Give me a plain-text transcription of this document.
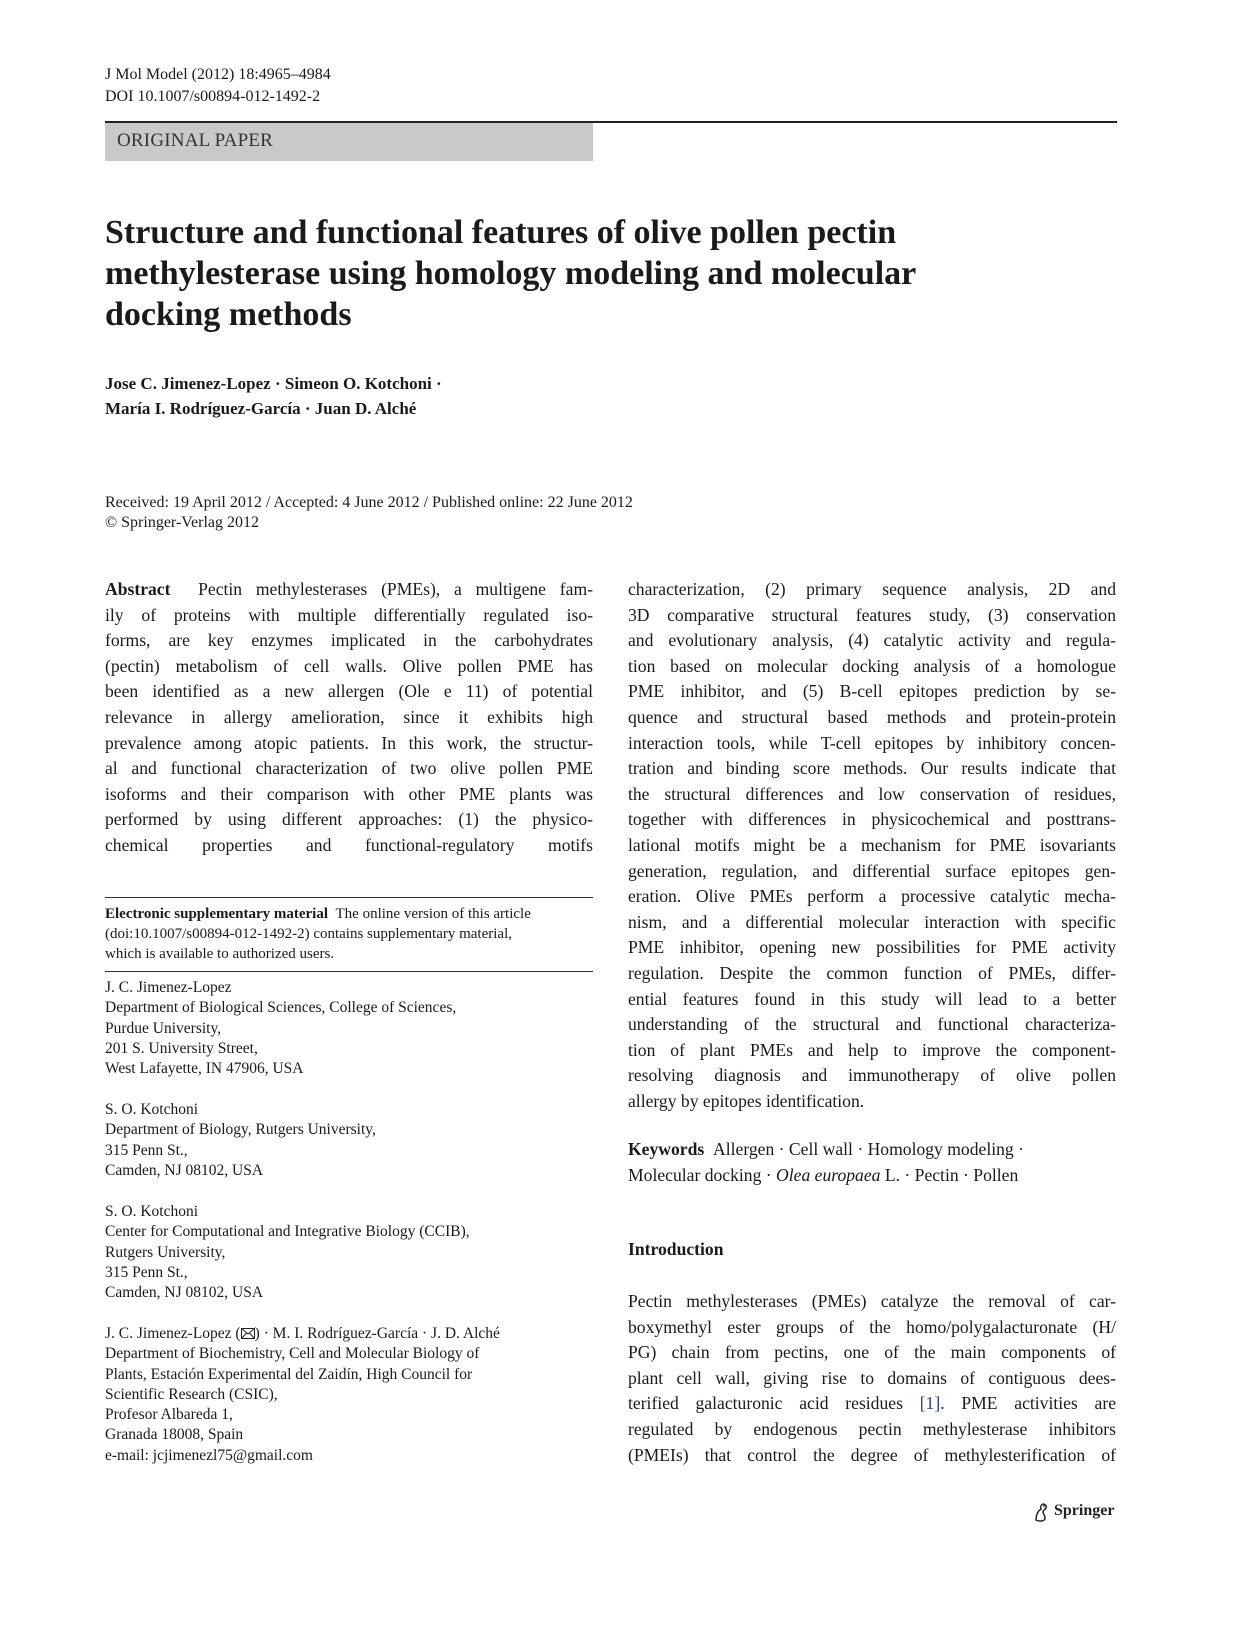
J Mol Model (2012) 18:4965–4984
DOI 10.1007/s00894-012-1492-2
ORIGINAL PAPER
Structure and functional features of olive pollen pectin
methylesterase using homology modeling and molecular
docking methods
Jose C. Jimenez-Lopez · Simeon O. Kotchoni ·
María I. Rodríguez-García · Juan D. Alché
Received: 19 April 2012 / Accepted: 4 June 2012 / Published online: 22 June 2012
© Springer-Verlag 2012
Abstract Pectin methylesterases (PMEs), a multigene fam-
ily of proteins with multiple differentially regulated iso-
forms, are key enzymes implicated in the carbohydrates
(pectin) metabolism of cell walls. Olive pollen PME has
been identified as a new allergen (Ole e 11) of potential
relevance in allergy amelioration, since it exhibits high
prevalence among atopic patients. In this work, the structur-
al and functional characterization of two olive pollen PME
isoforms and their comparison with other PME plants was
performed by using different approaches: (1) the physico-
chemical properties and functional-regulatory motifs
Electronic supplementary material The online version of this article
(doi:10.1007/s00894-012-1492-2) contains supplementary material,
which is available to authorized users.
J. C. Jimenez-Lopez
Department of Biological Sciences, College of Sciences,
Purdue University,
201 S. University Street,
West Lafayette, IN 47906, USA
S. O. Kotchoni
Department of Biology, Rutgers University,
315 Penn St.,
Camden, NJ 08102, USA
S. O. Kotchoni
Center for Computational and Integrative Biology (CCIB),
Rutgers University,
315 Penn St.,
Camden, NJ 08102, USA
J. C. Jimenez-Lopez ( ) · M. I. Rodríguez-García · J. D. Alché
Department of Biochemistry, Cell and Molecular Biology of
Plants, Estación Experimental del Zaidín, High Council for
Scientific Research (CSIC),
Profesor Albareda 1,
Granada 18008, Spain
e-mail: jcjimenezl75@gmail.com
characterization, (2) primary sequence analysis, 2D and
3D comparative structural features study, (3) conservation
and evolutionary analysis, (4) catalytic activity and regula-
tion based on molecular docking analysis of a homologue
PME inhibitor, and (5) B-cell epitopes prediction by se-
quence and structural based methods and protein-protein
interaction tools, while T-cell epitopes by inhibitory concen-
tration and binding score methods. Our results indicate that
the structural differences and low conservation of residues,
together with differences in physicochemical and posttrans-
lational motifs might be a mechanism for PME isovariants
generation, regulation, and differential surface epitopes gen-
eration. Olive PMEs perform a processive catalytic mecha-
nism, and a differential molecular interaction with specific
PME inhibitor, opening new possibilities for PME activity
regulation. Despite the common function of PMEs, differ-
ential features found in this study will lead to a better
understanding of the structural and functional characteriza-
tion of plant PMEs and help to improve the component-
resolving diagnosis and immunotherapy of olive pollen
allergy by epitopes identification.
Keywords Allergen · Cell wall · Homology modeling ·
Molecular docking · Olea europaea L. · Pectin · Pollen
Introduction
Pectin methylesterases (PMEs) catalyze the removal of car-
boxymethyl ester groups of the homo/polygalacturonate (H/
PG) chain from pectins, one of the main components of
plant cell wall, giving rise to domains of contiguous dees-
terified galacturonic acid residues [1]. PME activities are
regulated by endogenous pectin methylesterase inhibitors
(PMEIs) that control the degree of methylesterification of
Springer
